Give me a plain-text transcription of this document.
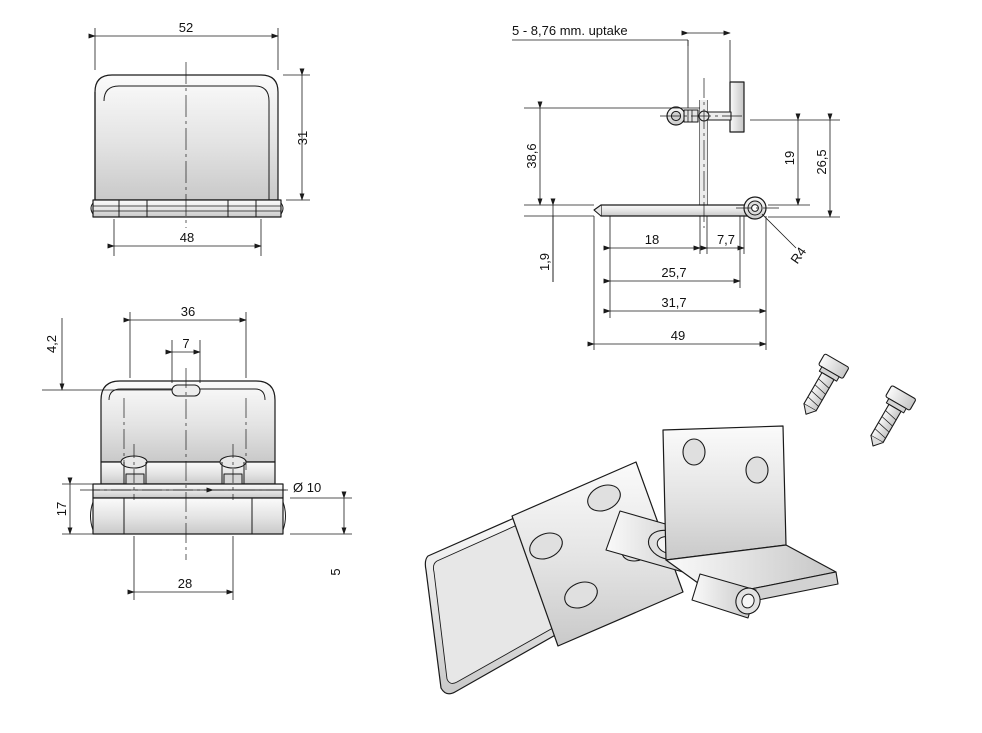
52
31
48
5 - 8,76 mm. uptake
38,6
1,9
19 26,5
18	7,7
25,7
31,7
49
R4
36
7
4,2
17
5
28
Ø 10
